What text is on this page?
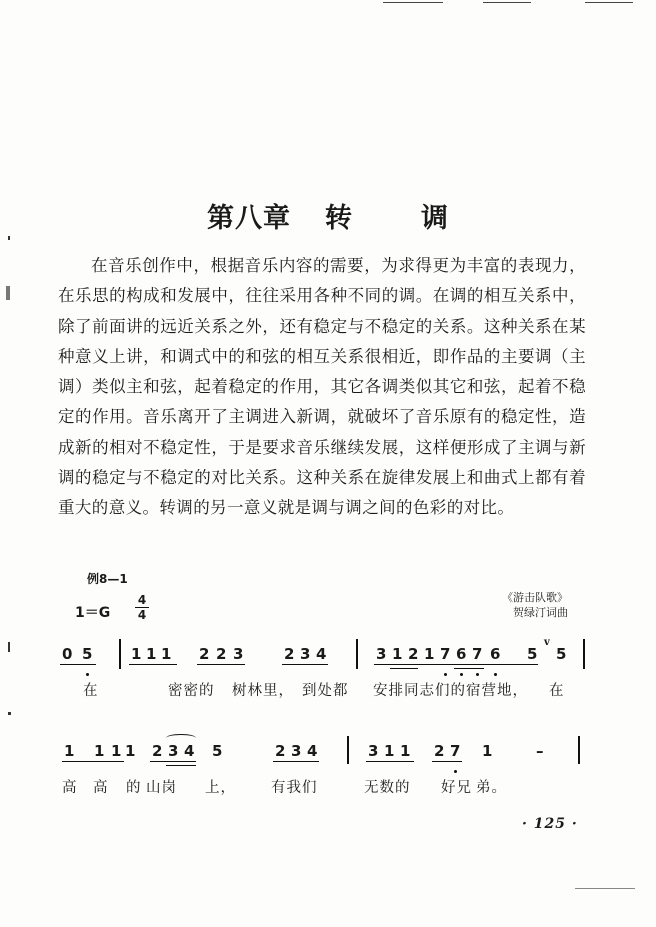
第八章 转	调

在音乐创作中，根据音乐内容的需要，为求得更为丰富的表现力，在乐思的构成和发展中，往往采用各种不同的调。在调的相互关系中，除了前面讲的远近关系之外，还有稳定与不稳定的关系。这种关系在某种意义上讲，和调式中的和弦的相互关系很相近，即作品的主要调（主调）类似主和弦，起着稳定的作用，其它各调类似其它和弦，起着不稳定的作用。音乐离开了主调进入新调，就破坏了音乐原有的稳定性，造成新的相对不稳定性，于是要求音乐继续发展，这样便形成了主调与新调的稳定与不稳定的对比关系。这种关系在旋律发展上和曲式上都有着重大的意义。转调的另一意义就是调与调之间的色彩的对比。

例8—1
1＝G
4
4
《游击队歌》
贺绿汀词曲
0 5	1 1 1 2 2 3	2 3 4	3 1 2 1 7 6 7 6 5 5
v
在	密密的 树林里， 到处都 安排同志们的宿营地， 在
1 1 1 1 2 3 4 5	2 3 4	3 1 1 2 7 1	–
高 高 的 山岗 上， 有我们	无数的 好兄 弟。
· 125 ·
